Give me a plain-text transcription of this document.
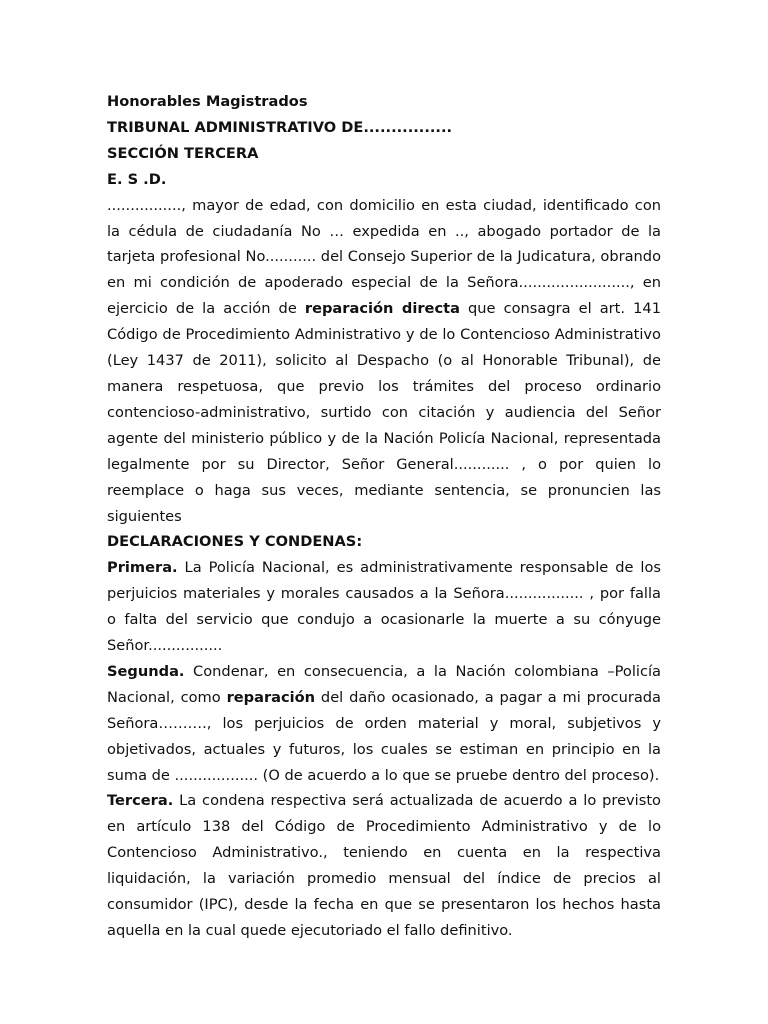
Honorables Magistrados
TRIBUNAL ADMINISTRATIVO DE................
SECCIÓN TERCERA
E. S .D.

................, mayor de edad, con domicilio en esta ciudad, identificado con la cédula de ciudadanía No … expedida en .., abogado portador de la tarjeta profesional No........... del Consejo Superior de la Judicatura, obrando en mi condición de apoderado especial de la Señora........................, en ejercicio de la acción de reparación directa que consagra el art. 141 Código de Procedimiento Administrativo y de lo Contencioso Administrativo (Ley 1437 de 2011), solicito al Despacho (o al Honorable Tribunal), de manera respetuosa, que previo los trámites del proceso ordinario contencioso-administrativo, surtido con citación y audiencia del Señor agente del ministerio público y de la Nación Policía Nacional, representada legalmente por su Director, Señor General............ , o por quien lo reemplace o haga sus veces, mediante sentencia, se pronuncien las siguientes

DECLARACIONES Y CONDENAS:

Primera. La Policía Nacional, es administrativamente responsable de los perjuicios materiales y morales causados a la Señora................. , por falla o falta del servicio que condujo a ocasionarle la muerte a su cónyuge Señor................

Segunda. Condenar, en consecuencia, a la Nación colombiana –Policía Nacional, como reparación del daño ocasionado, a pagar a mi procurada Señora………., los perjuicios de orden material y moral, subjetivos y objetivados, actuales y futuros, los cuales se estiman en principio en la suma de .................. (O de acuerdo a lo que se pruebe dentro del proceso).

Tercera. La condena respectiva será actualizada de acuerdo a lo previsto en artículo 138 del Código de Procedimiento Administrativo y de lo Contencioso Administrativo., teniendo en cuenta en la respectiva liquidación, la variación promedio mensual del índice de precios al consumidor (IPC), desde la fecha en que se presentaron los hechos hasta aquella en la cual quede ejecutoriado el fallo definitivo.
